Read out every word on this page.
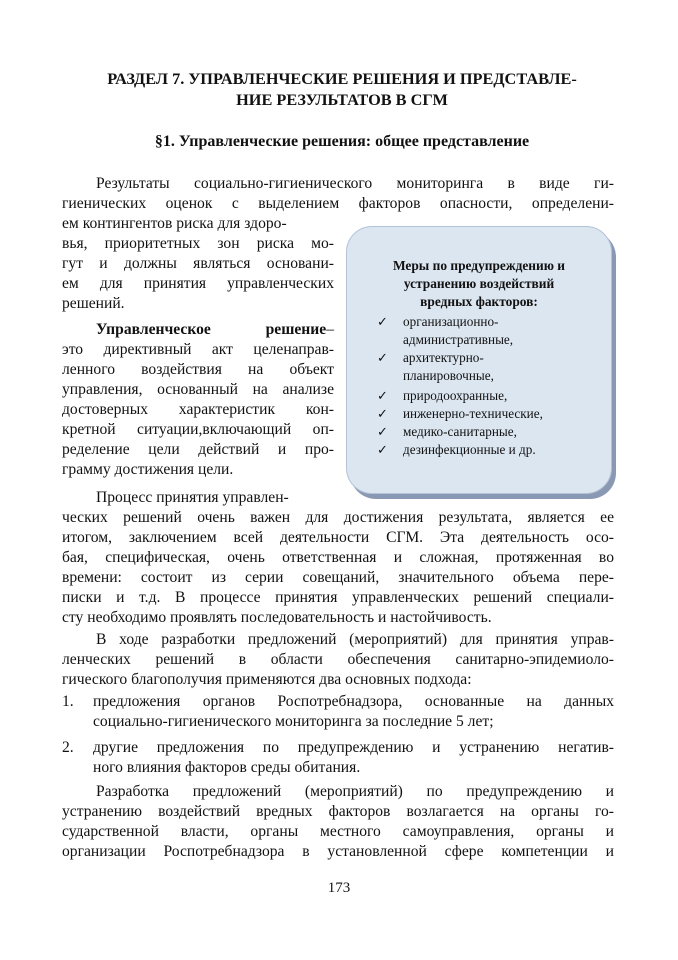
РАЗДЕЛ 7. УПРАВЛЕНЧЕСКИЕ РЕШЕНИЯ И ПРЕДСТАВЛЕ-
НИЕ РЕЗУЛЬТАТОВ В СГМ
§1. Управленческие решения: общее представление
Результаты социально-гигиенического мониторинга в виде ги-
гиенических оценок с выделением факторов опасности, определени-
ем контингентов риска для здоро-
вья, приоритетных зон риска мо-
гут и должны являться основани-
ем для принятия управленческих
решений.
Управленческое решение–
это директивный акт целенаправ-
ленного воздействия на объект
управления, основанный на анализе
достоверных характеристик кон-
кретной ситуации,включающий оп-
ределение цели действий и про-
грамму достижения цели.
Процесс принятия управлен-
ческих решений очень важен для достижения результата, является ее
итогом, заключением всей деятельности СГМ. Эта деятельность осо-
бая, специфическая, очень ответственная и сложная, протяженная во
времени: состоит из серии совещаний, значительного объема пере-
писки и т.д. В процессе принятия управленческих решений специали-
сту необходимо проявлять последовательность и настойчивость.
В ходе разработки предложений (мероприятий) для принятия управ-
ленческих решений в области обеспечения санитарно-эпидемиоло-
гического благополучия применяются два основных подхода:
1. предложения органов Роспотребнадзора, основанные на данных
социально-гигиенического мониторинга за последние 5 лет;
2. другие предложения по предупреждению и устранению негатив-
ного влияния факторов среды обитания.
Разработка предложений (мероприятий) по предупреждению и
устранению воздействий вредных факторов возлагается на органы го-
сударственной власти, органы местного самоуправления, органы и
организации Роспотребнадзора в установленной сфере компетенции и
Меры по предупреждению и
устранению воздействий
вредных факторов:
✓ организационно-
административные,
✓ архитектурно-
планировочные,
✓ природоохранные,
✓ инженерно-технические,
✓ медико-санитарные,
✓ дезинфекционные и др.
173
